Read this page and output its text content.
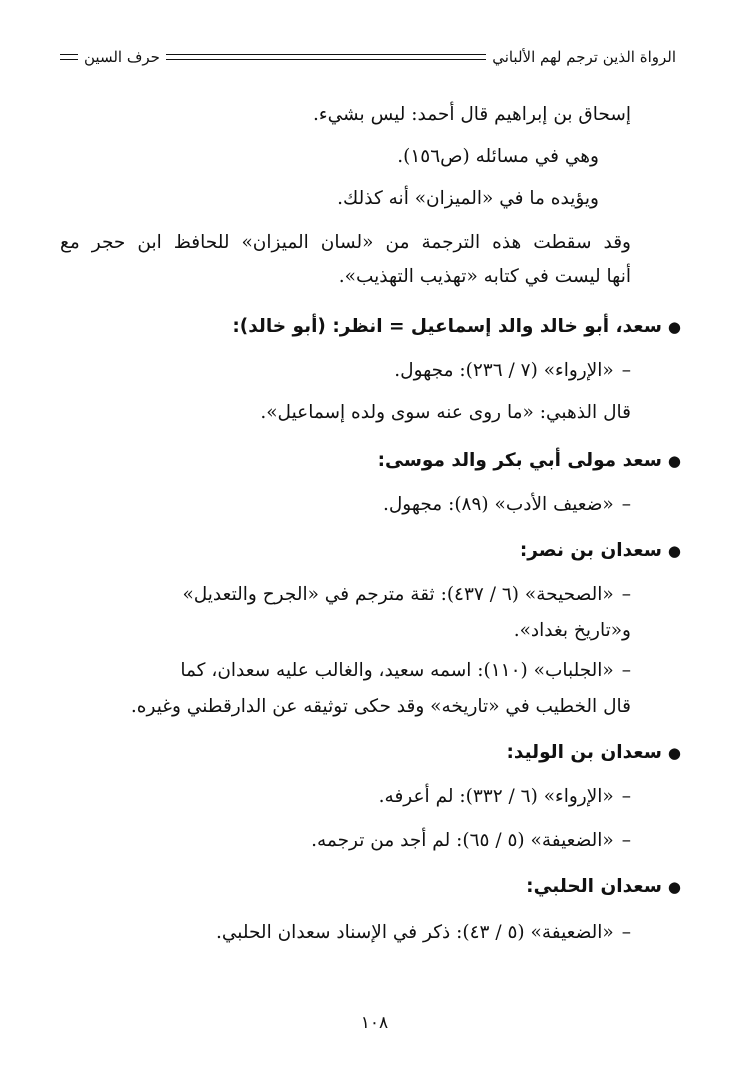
الرواة الذين ترجم لهم الألباني
حرف السين
إسحاق بن إبراهيم قال أحمد: ليس بشيء.
وهي في مسائله (ص١٥٦).
ويؤيده ما في «الميزان» أنه كذلك.
وقد سقطت هذه الترجمة من «لسان الميزان» للحافظ ابن حجر مع
أنها ليست في كتابه «تهذيب التهذيب».
●سعد، أبو خالد والد إسماعيل = انظر: (أبو خالد):
–«الإرواء» (٧ / ٢٣٦): مجهول.
قال الذهبي: «ما روى عنه سوى ولده إسماعيل».
●سعد مولى أبي بكر والد موسى:
–«ضعيف الأدب» (٨٩): مجهول.
●سعدان بن نصر:
–«الصحيحة» (٦ / ٤٣٧): ثقة مترجم في «الجرح والتعديل»
و«تاريخ بغداد».
–«الجلباب» (١١٠): اسمه سعيد، والغالب عليه سعدان، كما
قال الخطيب في «تاريخه» وقد حكى توثيقه عن الدارقطني وغيره.
●سعدان بن الوليد:
–«الإرواء» (٦ / ٣٣٢): لم أعرفه.
–«الضعيفة» (٥ / ٦٥): لم أجد من ترجمه.
●سعدان الحلبي:
–«الضعيفة» (٥ / ٤٣): ذكر في الإسناد سعدان الحلبي.
١٠٨
